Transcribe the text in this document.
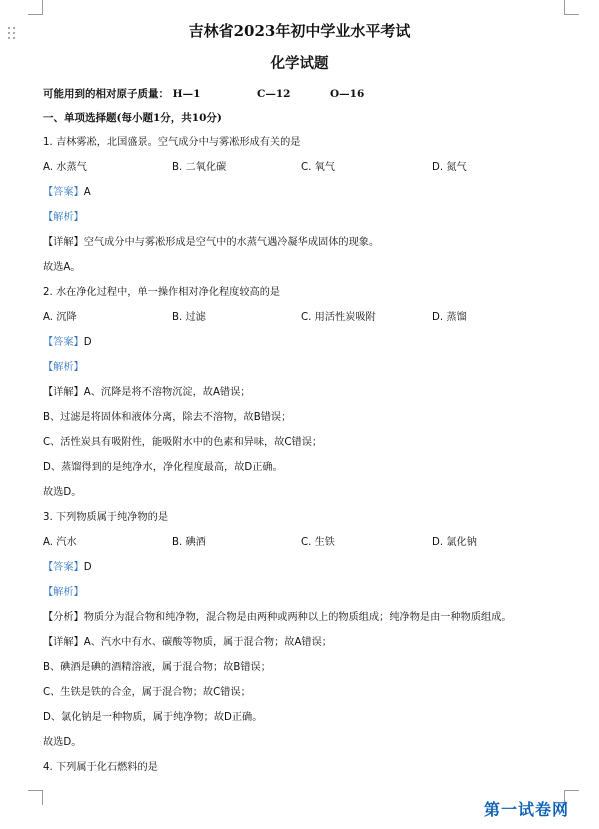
吉林省2023年初中学业水平考试
化学试题
可能用到的相对原子质量： H—1	C—12	O—16
一、单项选择题(每小题1分，共10分)
1. 吉林雾凇，北国盛景。空气成分中与雾凇形成有关的是
A. 水蒸气	B. 二氧化碳	C. 氧气	D. 氮气
【答案】A
【解析】
【详解】空气成分中与雾凇形成是空气中的水蒸气遇冷凝华成固体的现象。
故选A。
2. 水在净化过程中，单一操作相对净化程度较高的是
A. 沉降	B. 过滤	C. 用活性炭吸附	D. 蒸馏
【答案】D
【解析】
【详解】A、沉降是将不溶物沉淀，故A错误；
B、过滤是将固体和液体分离，除去不溶物，故B错误；
C、活性炭具有吸附性，能吸附水中的色素和异味，故C错误；
D、蒸馏得到的是纯净水，净化程度最高，故D正确。
故选D。
3. 下列物质属于纯净物的是
A. 汽水	B. 碘酒	C. 生铁	D. 氯化钠
【答案】D
【解析】
【分析】物质分为混合物和纯净物，混合物是由两种或两种以上的物质组成；纯净物是由一种物质组成。
【详解】A、汽水中有水、碳酸等物质，属于混合物；故A错误；
B、碘酒是碘的酒精溶液，属于混合物；故B错误；
C、生铁是铁的合金，属于混合物；故C错误；
D、氯化钠是一种物质，属于纯净物；故D正确。
故选D。
4. 下列属于化石燃料的是
第一试卷网
